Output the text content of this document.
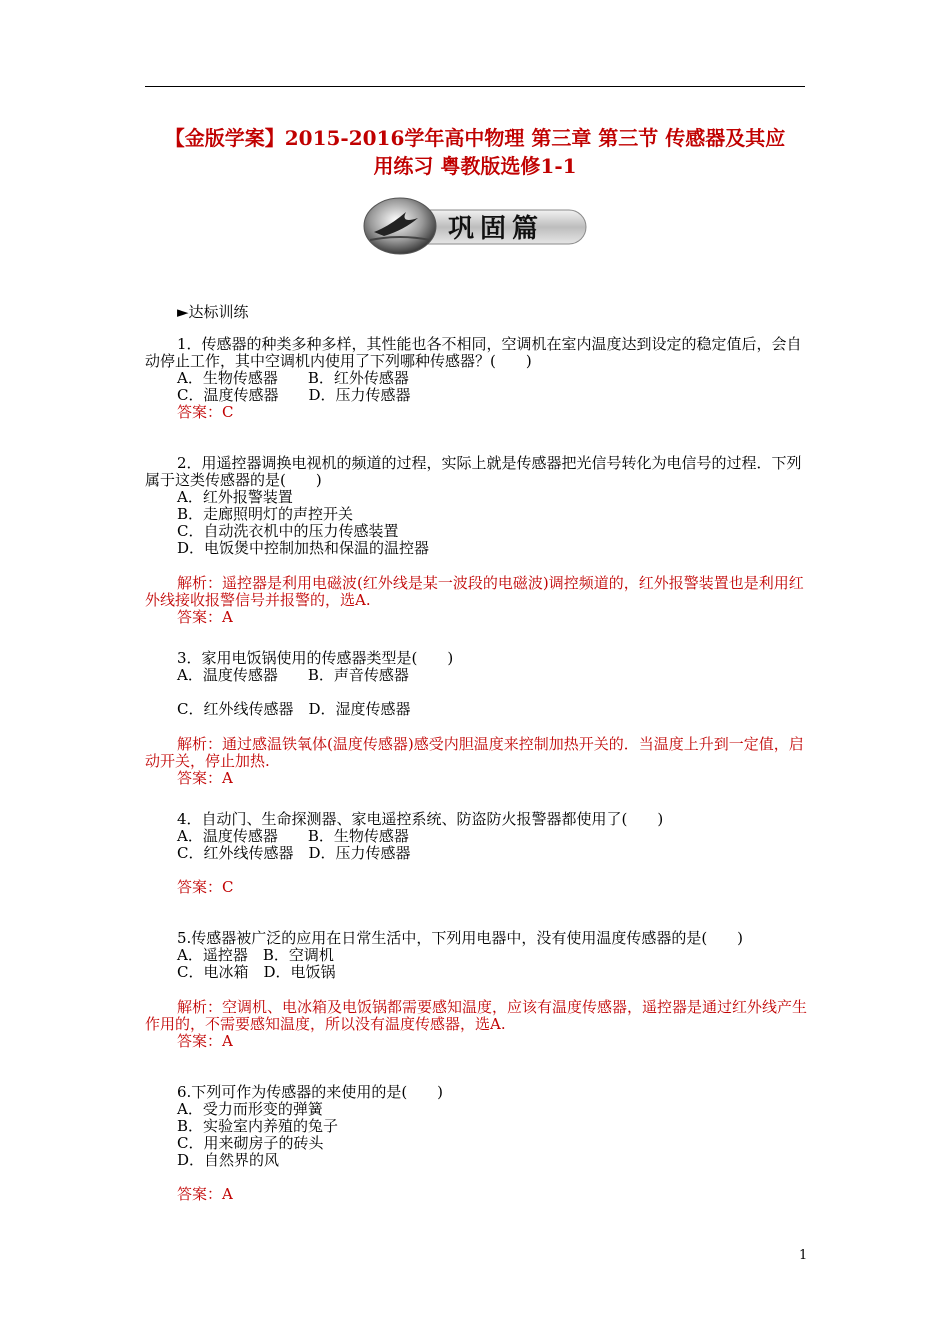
【金版学案】2015-2016学年高中物理 第三章 第三节 传感器及其应
用练习 粤教版选修1-1
巩固篇
►达标训练
1．传感器的种类多种多样，其性能也各不相同，空调机在室内温度达到设定的稳定值后，会自动停止工作，其中空调机内使用了下列哪种传感器？(　　)
A．生物传感器　　B．红外传感器
C．温度传感器　　D．压力传感器
答案：C
2．用遥控器调换电视机的频道的过程，实际上就是传感器把光信号转化为电信号的过程．下列属于这类传感器的是(　　)
A．红外报警装置
B．走廊照明灯的声控开关
C．自动洗衣机中的压力传感装置
D．电饭煲中控制加热和保温的温控器
解析：遥控器是利用电磁波(红外线是某一波段的电磁波)调控频道的，红外报警装置也是利用红外线接收报警信号并报警的，选A.
答案：A
3．家用电饭锅使用的传感器类型是(　　)
A．温度传感器　　B．声音传感器
C．红外线传感器　D．湿度传感器
解析：通过感温铁氧体(温度传感器)感受内胆温度来控制加热开关的．当温度上升到一定值，启动开关，停止加热.
答案：A
4．自动门、生命探测器、家电遥控系统、防盗防火报警器都使用了(　　)
A．温度传感器　　B．生物传感器
C．红外线传感器　D．压力传感器
答案：C
5.传感器被广泛的应用在日常生活中，下列用电器中，没有使用温度传感器的是(　　)
A．遥控器　B．空调机
C．电冰箱　D．电饭锅
解析：空调机、电冰箱及电饭锅都需要感知温度，应该有温度传感器，遥控器是通过红外线产生作用的，不需要感知温度，所以没有温度传感器，选A.
答案：A
6.下列可作为传感器的来使用的是(　　)
A．受力而形变的弹簧
B．实验室内养殖的兔子
C．用来砌房子的砖头
D．自然界的风
答案：A
1
